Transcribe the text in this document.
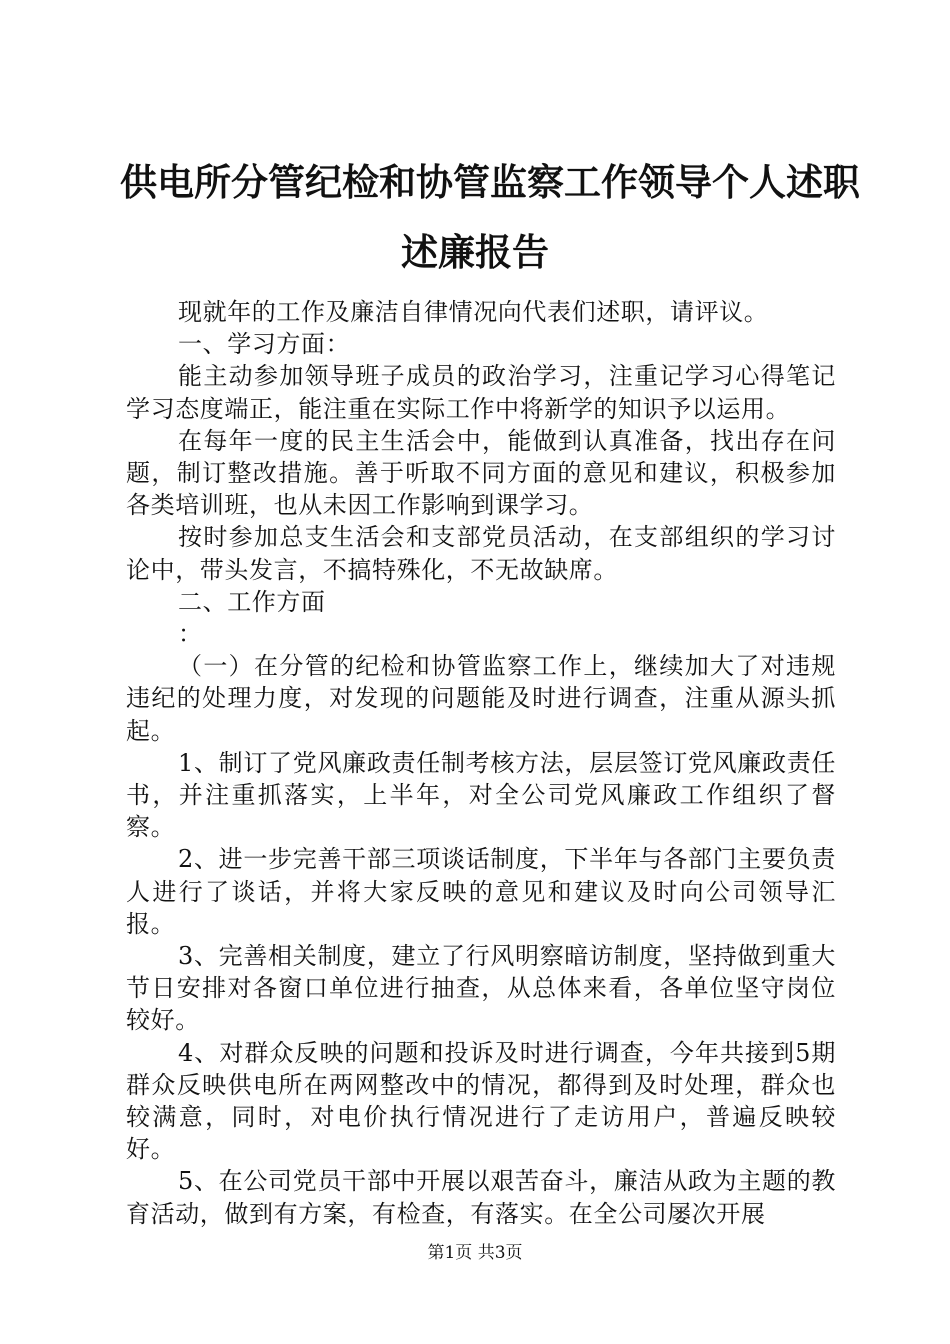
供电所分管纪检和协管监察工作领导个人述职
述廉报告

现就年的工作及廉洁自律情况向代表们述职，请评议。

一、学习方面：

能主动参加领导班子成员的政治学习，注重记学习心得笔记学习态度端正，能注重在实际工作中将新学的知识予以运用。

在每年一度的民主生活会中，能做到认真准备，找出存在问题，制订整改措施。善于听取不同方面的意见和建议，积极参加各类培训班，也从未因工作影响到课学习。

按时参加总支生活会和支部党员活动，在支部组织的学习讨论中，带头发言，不搞特殊化，不无故缺席。

二、工作方面

：

（一）在分管的纪检和协管监察工作上，继续加大了对违规违纪的处理力度，对发现的问题能及时进行调查，注重从源头抓起。

1、制订了党风廉政责任制考核方法，层层签订党风廉政责任书，并注重抓落实，上半年，对全公司党风廉政工作组织了督察。

2、进一步完善干部三项谈话制度，下半年与各部门主要负责人进行了谈话，并将大家反映的意见和建议及时向公司领导汇报。

3、完善相关制度，建立了行风明察暗访制度，坚持做到重大节日安排对各窗口单位进行抽查，从总体来看，各单位坚守岗位较好。

4、对群众反映的问题和投诉及时进行调查，今年共接到5期群众反映供电所在两网整改中的情况，都得到及时处理，群众也较满意，同时，对电价执行情况进行了走访用户，普遍反映较好。

5、在公司党员干部中开展以艰苦奋斗，廉洁从政为主题的教育活动，做到有方案，有检查，有落实。在全公司屡次开展

第1页 共3页
